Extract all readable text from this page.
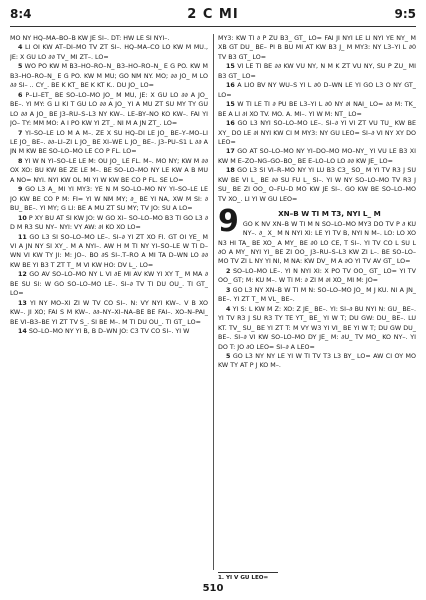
8:4	2 C MI	9:5

MO NY HQ–MA–BO–B KW JE SI–. DT: HW LE SI NYI–.

4 LI OI KW AT–DI–MO TV ZT SI–. HQ–MA–CO LO KW M MU., JE: X GU LO ∂∂ TV_ MI ZT–. LO=

5 WO PO KW M B3–HO–RO–N_ B3–HO–RO–N_ E G PO. KW M B3–HO–RO–N_ E G PO. KW M MU; GO NM NY. MO; ∂∂ JO_ M LO ∂∂ SI– .. CY_. BE K KT_ BE K KT K.. DU JO_ LO=

6 P–LI–ET_ BE SO–LO–MO JO_ M MU, JE: X GU LO ∂∂ A JO_ BE–. YI MY: G LI KI T GU LO ∂∂ A JO_ YI A MU ZT SU MY TY GU LO ∂∂ A JO_ BE J3–RU–S–L3 NY KW–. LE–BY–NO KO KW–. FAI YI JO– TY: MM MO: A I PO KW YI ZT_. NI M A JN ZT_. LO=

7 YI–SO–LE LO M A M–. ZE X SU HQ–DI LE JO_ BE–Y–MO–LI LE JO_ BE–. ∂∂–LI–ZI L JO_ BE XI–WE L JO_ BE–. J3–PU–S1 L ∂∂ A JN M KW BE SO–LO–MO LE CO P FL. LO=

8 YI W N YI–SO–LE LE M: OU JO_ LE FL. M–. MO NY; KW M ∂∂ OX XO: BU KW BE ZE LE M–. BE SO–LO–MO NY LE KW A B MU A NO= NYI. NYI KW OL MI YI W KW BE CO P FL. SE LO=

9 GO L3 A_ MI YI MY3: YE N M SO–LO–MO NY YI–SO–LE LE JO KW BE CO P M: FI= YI W NM MY; ∂_ BE YI NA, XW M SI: ∂ BU_ BE–. YI MY; G LI: BE A MU ZT SU MY; TV JO: SU A LO=

10 P XY BU AT SI KW JO: W GO XI– SO–LO–MO B3 TI GO L3 ∂ D M R3 SU NY– NYI: VY AW: ∂I KO XO LO=

11 GO L3 SI SO–LO–MO LE–. SI–∂ YI ZT XO FI. GT OI YE_ M VI A JN NY SI XY_. M A NYI–. AW H M TI NY YI–SO–LE W TI D–WN VI KW TY JI: M: JO–. BO ∂S SI–.T–RO A MI TA D–WN LO ∂∂ KW BE YI B3 T ZT T_ M VI KW HO: DV L_. LO=

12 GO AV SO–LO–MO NY L VI ∂E MI AV KW YI XY T_ M MA ∂ BE SU SI: W GO SO–LO–MO LE–. SI–∂ TV TI DU OU_. TI GT_ LO=

13 YI NY MO–XI ZI W TV CO SI–. N: VY NYI KW–. V B XO KW–. JI XO; FAI S M KW–. ∂∂–NY–XI–NA–BE BE FAI–. XO–N–PAI_ BE VI–B3–BE YI ZT TV S_. SI BE M–. M TI DU OU_. TI GT_ LO=

14 SO–LO–MO NY YI B, B D–WN JO: C3 TV CO SI–. YI W

MY3: KW TI ∂ P ZU B3_ GT_ LO= FAI JI NYI LE LI NYI YE NY_ M XB GT DU_ BE– PI B BU MI AT KW B3 J_ M MY3: NY L3–YI L ∂0 TV B3 GT_ LO=

15 VI LE TI BE ∂∂ KW VU NY, N M K ZT VU NY, SU P ZU_ MI B3 GT_ LO=

16 A LIO BV NY WU–S YI L ∂0 D–WN LE YI GO L3 O NY GT_ LO=

15 W TI LE TI ∂ PU BE L3–YI L ∂0 NY ∂I NAI_ LO= ∂∂ M: TK_ BE A LI ∂I XO TV. MO. A. MI–. YI W M: NT_ LO=

16 GO L3 NYI SO–LO–MO LE–. SI–∂ YI VI ZT VU TU_ KW BE XY_ DO LE ∂I NYI KW CI M MY3: NY GU LEO= SI–∂ VI NY XY DO LEO=

17 GO AT SO–LO–MO NY YI–DO–MO MO–NY_ YI VU LE B3 XI KW M E–ZO–NG–GO–BO_ BE E–LO–LO LO ∂∂ KW JE_ LO=

18 GO L3 SI VI–R–MO NY YI LU B3 C3_ SO_ M YI TV R3 J SU KW BE VI L_ BE ∂∂ SU FU L_ SI–. YI W NY SO–LO–MO TV R3 J SU_ BE ZI OO_ O–FU–D MO KW JE SI–. GO KW BE SO–LO–MO TV XO_. LI YI W GU LEO=

9	XN–B W TI M T3, NYI L_ M

GO K NV XN–B W TI M N SO–LO–MO MY3 DO TV P ∂ KU NY–. ∂_ X_ M N NYI XI: LE YI TV B, NYI N M–. LO: LO XO N3 HI TA_ BE XO_ A MY_ BE ∂0 LO CE, T SI–. YI TV CO L SU L ∂O A MY_ NYI YI_ BE ZI OO_ J3–RU–S–L3 KW ZI L–. BE SO–LO–MO TV ZI L NY YI NI, M NA: KW DV_ M A ∂O YI TV AV GT_ LO=

2 SO–LO–MO LE–. YI N NYI XI: X PO TV OO_ GT_ LO= YI TV OO_ GT; M: KU M–. W TI M: ∂ ZI M ∂I XO_ MI M: JO=

3 GO L3 NY XN–B W TI M N: SO–LO–MO JO_ M J KU. NI A JN_ BE–. YI ZT T_ M VL_ BE–.

4 YI S: L KW M Z: XO: Z JE_ BE–. YI: SI–∂ BU NYI N: GU_ BE–. YI TV R3 J SU R3 TY TE YT_ BE_ YI W T; DU GW: DU_ BE–. LU KT. TV_ SU_ BE YI ZT T: M VY W3 YI VI_ BE YI W T; DU GW DU_ BE–. SI–∂ VI KW SO–LO–MO DY JE_ M: ∂U_ TV MO_ KO NY–. YI DO T: JO ∂O LEO= SI–∂ A LEO=

5 GO L3 NY NY LE YI W TI TV T3 L3 BY_ LO= AW CI OY MO KW TY AT P J KO M–.

1. YI V GU LEO=
510
